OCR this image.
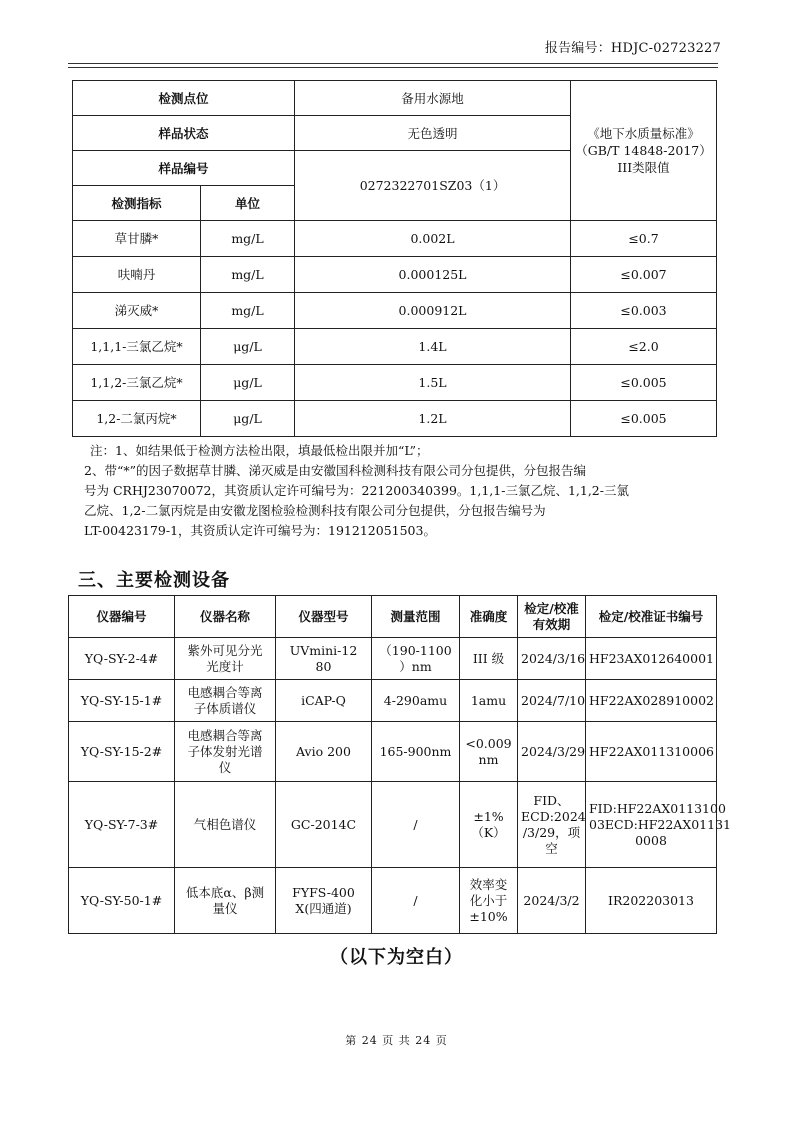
报告编号：HDJC-02723227
检测点位		备用水源地	《地下水质量标准》
（GB/T 14848-2017）
III类限值

样品状态		无色透明	
样品编号		0272322701SZ03（1）	
检测指标	单位		
草甘膦*	mg/L	0.002L	≤0.7
呋喃丹	mg/L	0.000125L	≤0.007
涕灭威*	mg/L	0.000912L	≤0.003
1,1,1-三氯乙烷*	μg/L	1.4L	≤2.0
1,1,2-三氯乙烷*	μg/L	1.5L	≤0.005
1,2-二氯丙烷*	μg/L	1.2L	≤0.005

注：1、如结果低于检测方法检出限，填最低检出限并加“L”；

2、带“*”的因子数据草甘膦、涕灭威是由安徽国科检测科技有限公司分包提供，分包报告编

号为 CRHJ23070072，其资质认定许可编号为：221200340399。1,1,1-三氯乙烷、1,1,2-三氯

乙烷、1,2-二氯丙烷是由安徽龙图检验检测科技有限公司分包提供，分包报告编号为

LT-00423179-1，其资质认定许可编号为：191212051503。

三、主要检测设备
仪器编号	仪器名称	仪器型号	测量范围	准确度	检定/校准
有效期	检定/校准证书编号
YQ-SY-2-4#	紫外可见分光
光度计	UVmini-12
80	（190-1100
）nm	III 级	2024/3/16	HF23AX012640001
YQ-SY-15-1#	电感耦合等离
子体质谱仪	iCAP-Q	4-290amu	1amu	2024/7/10	HF22AX028910002
YQ-SY-15-2#	电感耦合等离
子体发射光谱
仪	Avio 200	165-900nm	<0.009
nm	2024/3/29	HF22AX011310006
YQ-SY-7-3#	气相色谱仪	GC-2014C	/	±1%
（K）	FID、
ECD:2024
/3/29，项
空	FID:HF22AX0113100
03ECD:HF22AX01131
0008
YQ-SY-50-1#	低本底α、β测
量仪	FYFS-400
X(四通道)	/	效率变
化小于
±10%	2024/3/2	IR202203013
（以下为空白）
第 24 页 共 24 页
